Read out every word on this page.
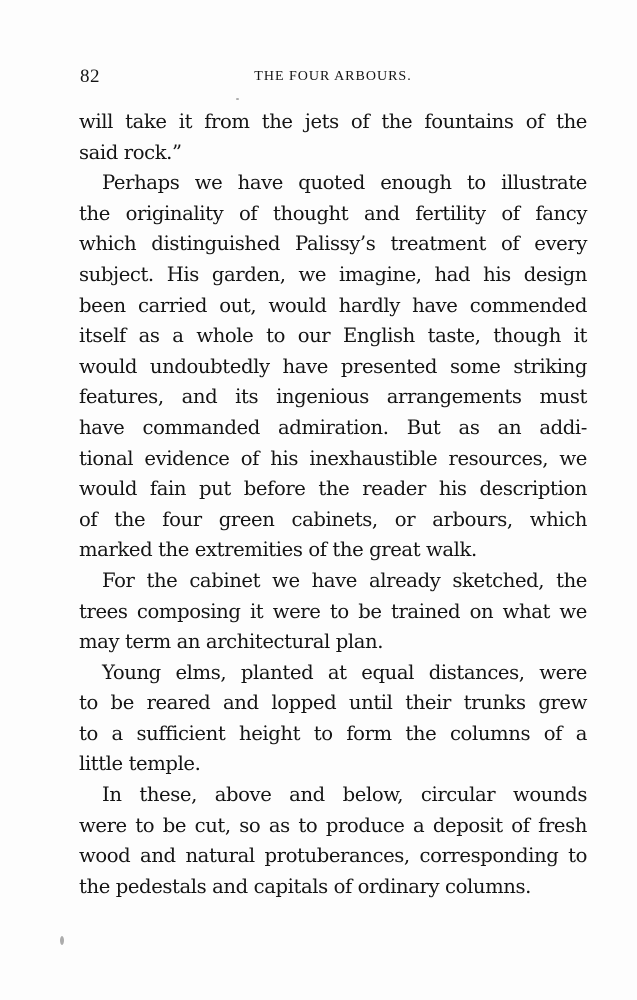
82	THE FOUR ARBOURS.
will take it from the jets of the fountains of the
said rock.”
Perhaps we have quoted enough to illustrate
the originality of thought and fertility of fancy
which distinguished Palissy’s treatment of every
subject. His garden, we imagine, had his design
been carried out, would hardly have commended
itself as a whole to our English taste, though it
would undoubtedly have presented some striking
features, and its ingenious arrangements must
have commanded admiration. But as an addi-
tional evidence of his inexhaustible resources, we
would fain put before the reader his description
of the four green cabinets, or arbours, which
marked the extremities of the great walk.
For the cabinet we have already sketched, the
trees composing it were to be trained on what we
may term an architectural plan.
Young elms, planted at equal distances, were
to be reared and lopped until their trunks grew
to a sufficient height to form the columns of a
little temple.
In these, above and below, circular wounds
were to be cut, so as to produce a deposit of fresh
wood and natural protuberances, corresponding to
the pedestals and capitals of ordinary columns.
